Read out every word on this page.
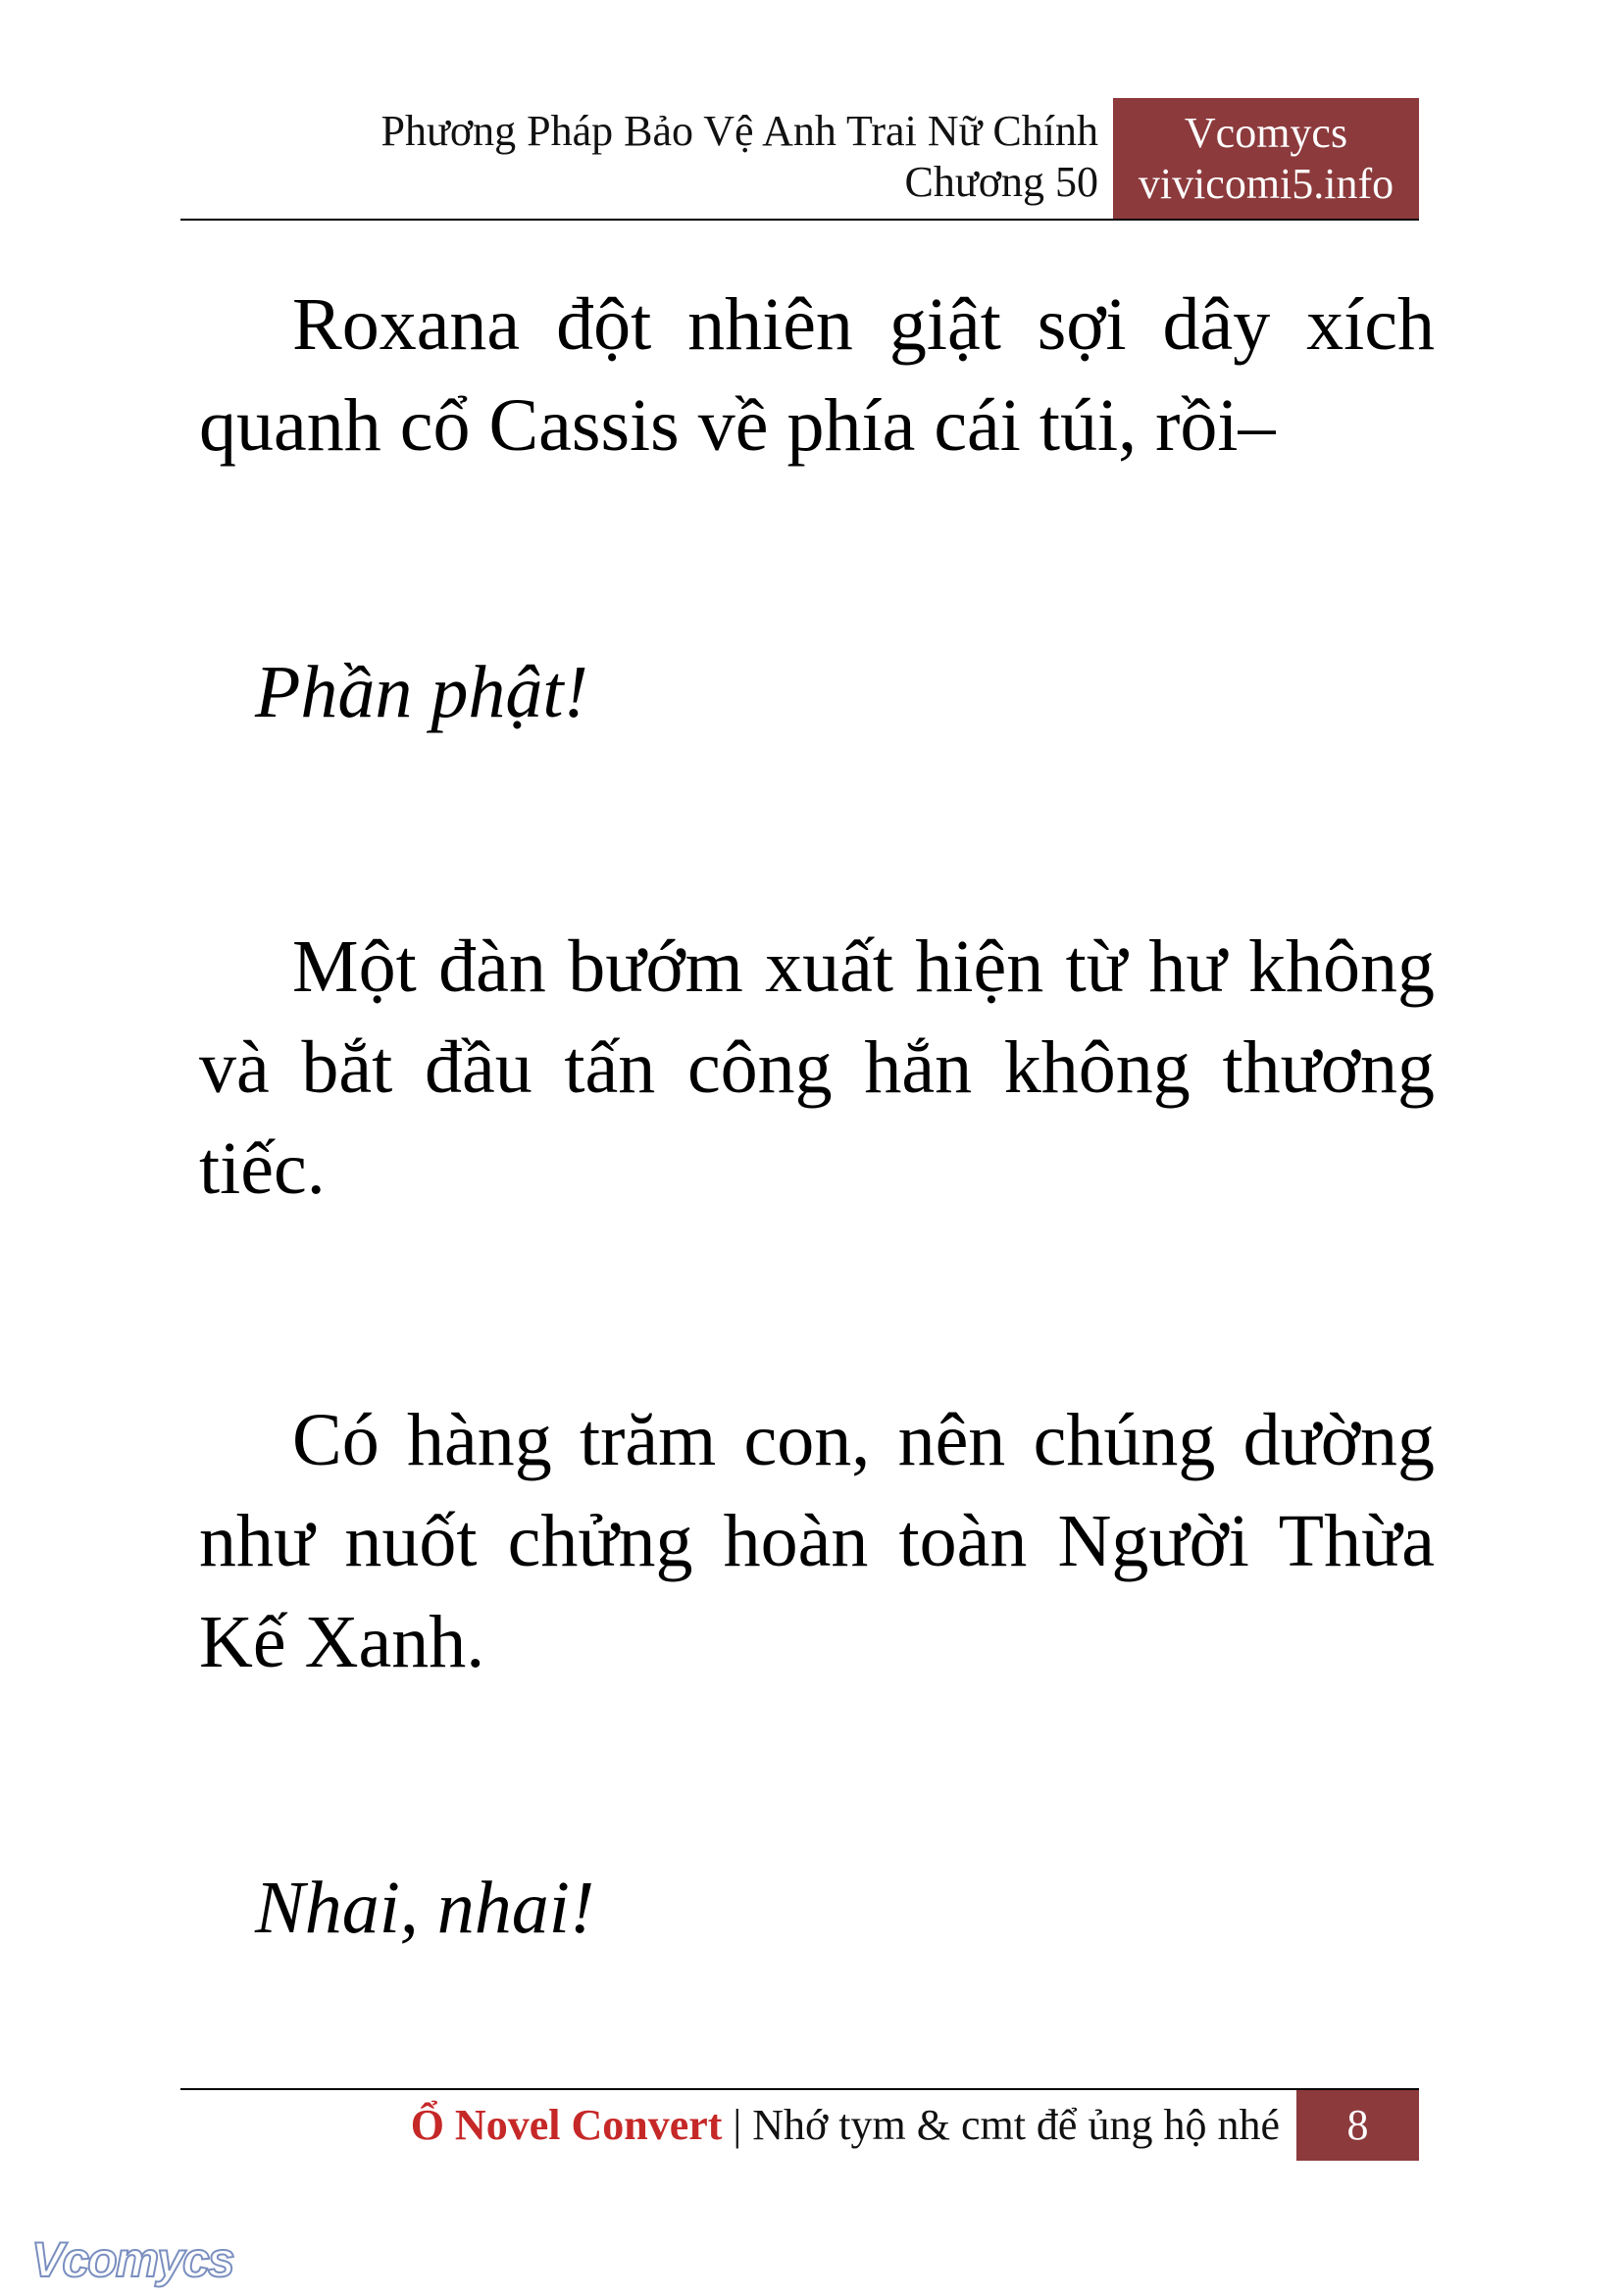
Phương Pháp Bảo Vệ Anh Trai Nữ Chính
Chương 50
Vcomycs
vivicomi5.info

Roxana đột nhiên giật sợi dây xích quanh cổ Cassis về phía cái túi, rồi–

Phần phật!

Một đàn bướm xuất hiện từ hư không và bắt đầu tấn công hắn không thương tiếc.

Có hàng trăm con, nên chúng dường như nuốt chửng hoàn toàn Người Thừa Kế Xanh.

Nhai, nhai!

Ổ Novel Convert | Nhớ tym & cmt để ủng hộ nhé	8
Vcomycs
